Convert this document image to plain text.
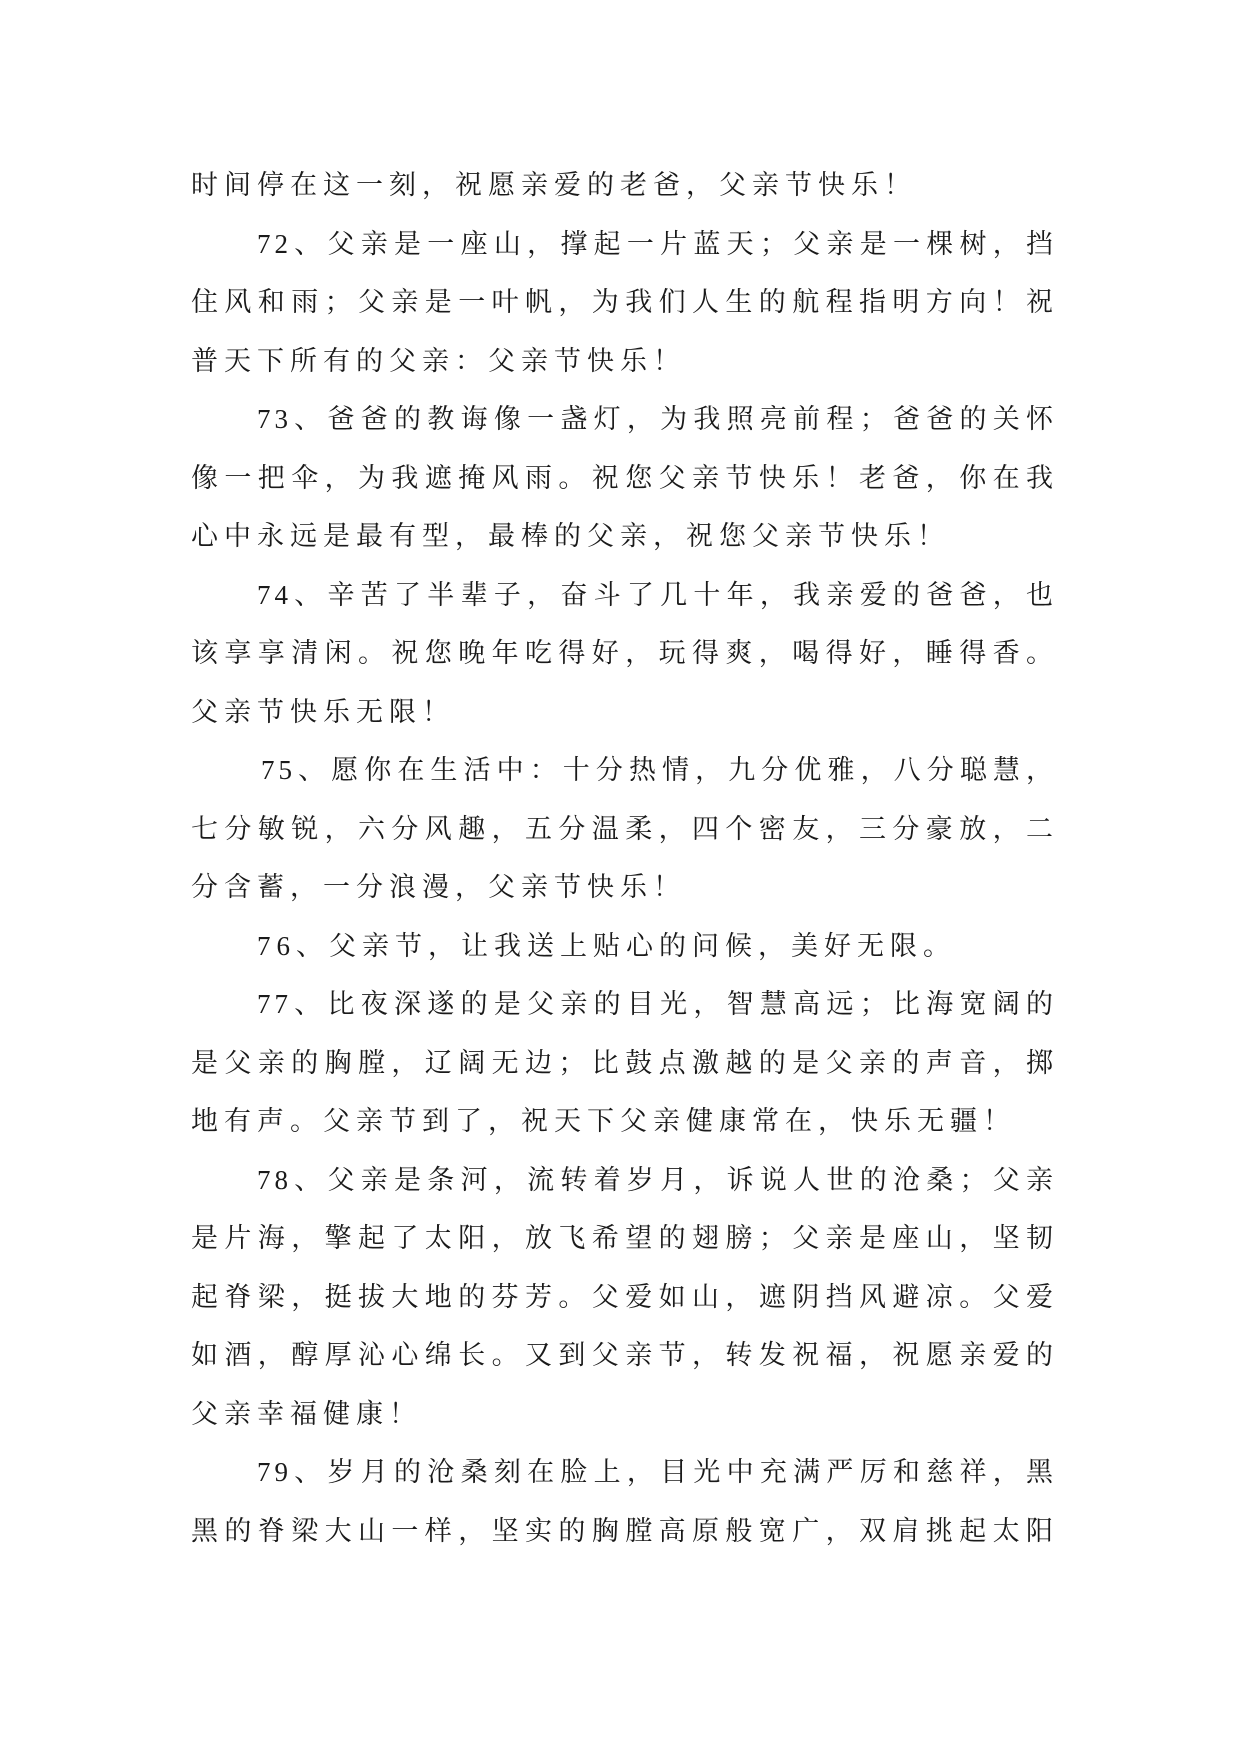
时间停在这一刻，祝愿亲爱的老爸，父亲节快乐！
72、父亲是一座山，撑起一片蓝天；父亲是一棵树，挡
住风和雨；父亲是一叶帆，为我们人生的航程指明方向！祝
普天下所有的父亲：父亲节快乐！
73、爸爸的教诲像一盏灯，为我照亮前程；爸爸的关怀
像一把伞，为我遮掩风雨。祝您父亲节快乐！老爸，你在我
心中永远是最有型，最棒的父亲，祝您父亲节快乐！
74、辛苦了半辈子，奋斗了几十年，我亲爱的爸爸，也
该享享清闲。祝您晚年吃得好，玩得爽，喝得好，睡得香。
父亲节快乐无限！
75、愿你在生活中：十分热情，九分优雅，八分聪慧，
七分敏锐，六分风趣，五分温柔，四个密友，三分豪放，二
分含蓄，一分浪漫，父亲节快乐！
76、父亲节，让我送上贴心的问候，美好无限。
77、比夜深遂的是父亲的目光，智慧高远；比海宽阔的
是父亲的胸膛，辽阔无边；比鼓点激越的是父亲的声音，掷
地有声。父亲节到了，祝天下父亲健康常在，快乐无疆！
78、父亲是条河，流转着岁月，诉说人世的沧桑；父亲
是片海，擎起了太阳，放飞希望的翅膀；父亲是座山，坚韧
起脊梁，挺拔大地的芬芳。父爱如山，遮阴挡风避凉。父爱
如酒，醇厚沁心绵长。又到父亲节，转发祝福，祝愿亲爱的
父亲幸福健康！
79、岁月的沧桑刻在脸上，目光中充满严厉和慈祥，黑
黑的脊梁大山一样，坚实的胸膛高原般宽广，双肩挑起太阳
